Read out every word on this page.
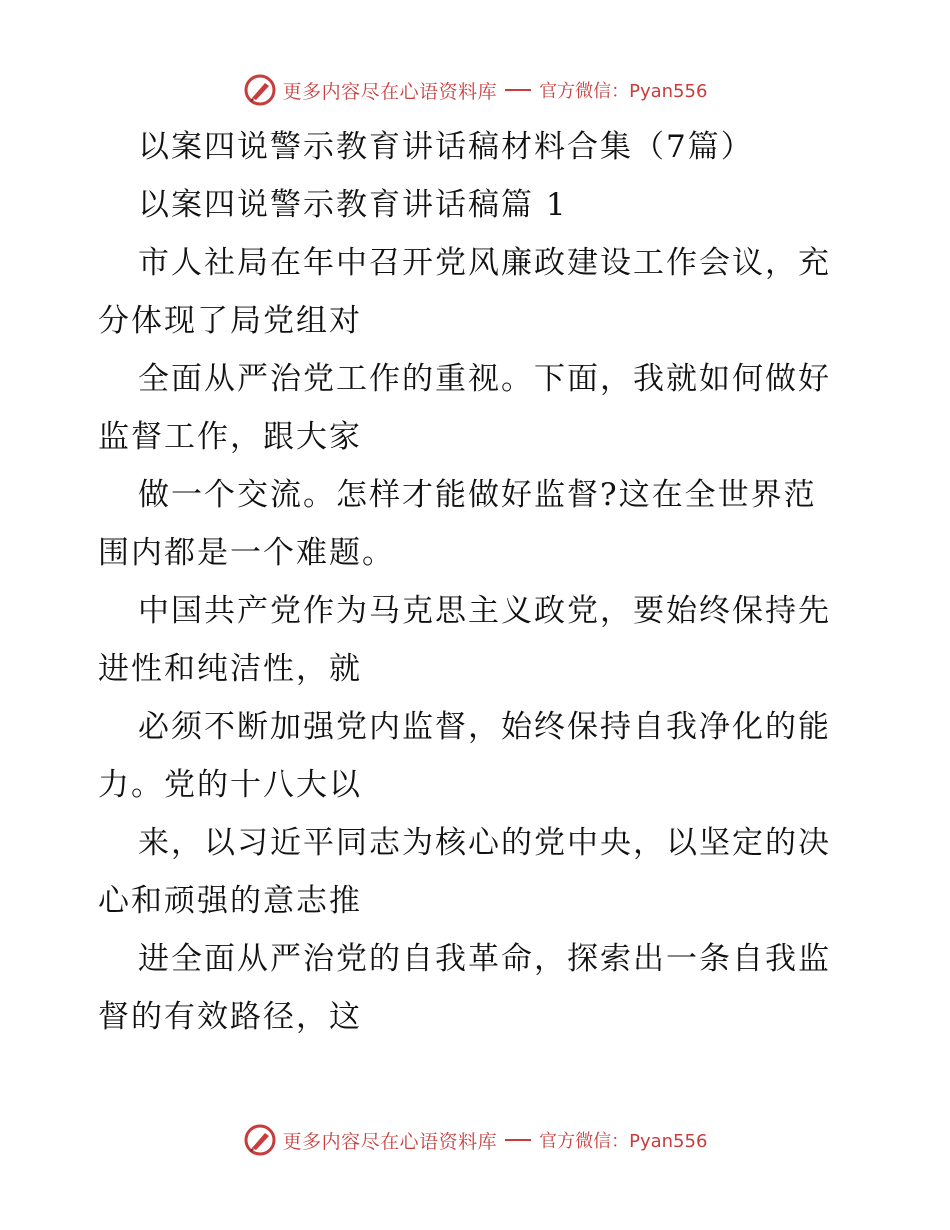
更多内容尽在心语资料库 官方微信：Pyan556
以案四说警示教育讲话稿材料合集（7篇）
以案四说警示教育讲话稿篇 1
市人社局在年中召开党风廉政建设工作会议，充
分体现了局党组对
全面从严治党工作的重视。下面，我就如何做好
监督工作，跟大家
做一个交流。怎样才能做好监督?这在全世界范
围内都是一个难题。
中国共产党作为马克思主义政党，要始终保持先
进性和纯洁性，就
必须不断加强党内监督，始终保持自我净化的能
力。党的十八大以
来，以习近平同志为核心的党中央，以坚定的决
心和顽强的意志推
进全面从严治党的自我革命，探索出一条自我监
督的有效路径，这
更多内容尽在心语资料库 官方微信：Pyan556
